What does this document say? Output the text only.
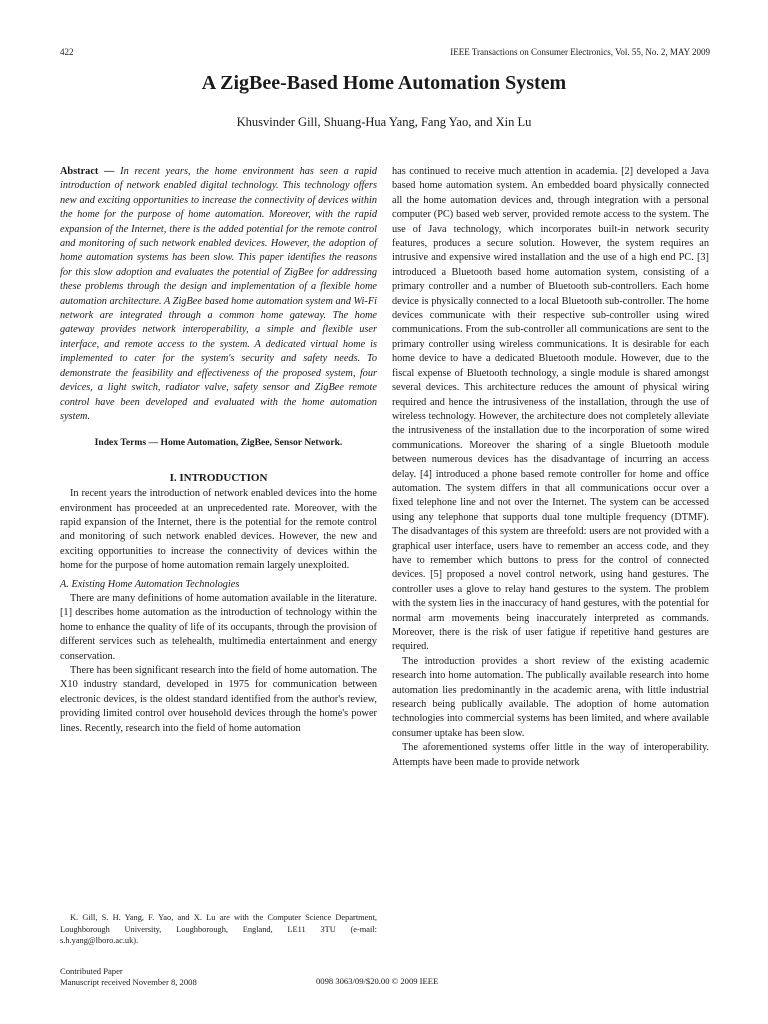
422	IEEE Transactions on Consumer Electronics, Vol. 55, No. 2, MAY 2009
A ZigBee-Based Home Automation System
Khusvinder Gill, Shuang-Hua Yang, Fang Yao, and Xin Lu

Abstract — In recent years, the home environment has seen a rapid introduction of network enabled digital technology. This technology offers new and exciting opportunities to increase the connectivity of devices within the home for the purpose of home automation. Moreover, with the rapid expansion of the Internet, there is the added potential for the remote control and monitoring of such network enabled devices. However, the adoption of home automation systems has been slow. This paper identifies the reasons for this slow adoption and evaluates the potential of ZigBee for addressing these problems through the design and implementation of a flexible home automation architecture. A ZigBee based home automation system and Wi-Fi network are integrated through a common home gateway. The home gateway provides network interoperability, a simple and flexible user interface, and remote access to the system. A dedicated virtual home is implemented to cater for the system's security and safety needs. To demonstrate the feasibility and effectiveness of the proposed system, four devices, a light switch, radiator valve, safety sensor and ZigBee remote control have been developed and evaluated with the home automation system.

Index Terms — Home Automation, ZigBee, Sensor Network.
I. INTRODUCTION

In recent years the introduction of network enabled devices into the home environment has proceeded at an unprecedented rate. Moreover, with the rapid expansion of the Internet, there is the potential for the remote control and monitoring of such network enabled devices. However, the new and exciting opportunities to increase the connectivity of devices within the home for the purpose of home automation remain largely unexploited.

A. Existing Home Automation Technologies

There are many definitions of home automation available in the literature. [1] describes home automation as the introduction of technology within the home to enhance the quality of life of its occupants, through the provision of different services such as telehealth, multimedia entertainment and energy conservation.

There has been significant research into the field of home automation. The X10 industry standard, developed in 1975 for communication between electronic devices, is the oldest standard identified from the author's review, providing limited control over household devices through the home's power lines. Recently, research into the field of home automation

has continued to receive much attention in academia. [2] developed a Java based home automation system. An embedded board physically connected all the home automation devices and, through integration with a personal computer (PC) based web server, provided remote access to the system. The use of Java technology, which incorporates built-in network security features, produces a secure solution. However, the system requires an intrusive and expensive wired installation and the use of a high end PC. [3] introduced a Bluetooth based home automation system, consisting of a primary controller and a number of Bluetooth sub-controllers. Each home device is physically connected to a local Bluetooth sub-controller. The home devices communicate with their respective sub-controller using wired communications. From the sub-controller all communications are sent to the primary controller using wireless communications. It is desirable for each home device to have a dedicated Bluetooth module. However, due to the fiscal expense of Bluetooth technology, a single module is shared amongst several devices. This architecture reduces the amount of physical wiring required and hence the intrusiveness of the installation, through the use of wireless technology. However, the architecture does not completely alleviate the intrusiveness of the installation due to the incorporation of some wired communications. Moreover the sharing of a single Bluetooth module between numerous devices has the disadvantage of incurring an access delay. [4] introduced a phone based remote controller for home and office automation. The system differs in that all communications occur over a fixed telephone line and not over the Internet. The system can be accessed using any telephone that supports dual tone multiple frequency (DTMF). The disadvantages of this system are threefold: users are not provided with a graphical user interface, users have to remember an access code, and they have to remember which buttons to press for the control of connected devices. [5] proposed a novel control network, using hand gestures. The controller uses a glove to relay hand gestures to the system. The problem with the system lies in the inaccuracy of hand gestures, with the potential for normal arm movements being inaccurately interpreted as commands. Moreover, there is the risk of user fatigue if repetitive hand gestures are required.

The introduction provides a short review of the existing academic research into home automation. The publically available research into home automation lies predominantly in the academic arena, with little industrial research being publically available. The adoption of home automation technologies into commercial systems has been limited, and where available consumer uptake has been slow.

The aforementioned systems offer little in the way of interoperability. Attempts have been made to provide network

K. Gill, S. H. Yang, F. Yao, and X. Lu are with the Computer Science Department, Loughborough University, Loughborough, England, LE11 3TU (e-mail: s.h.yang@lboro.ac.uk).
Contributed Paper
Manuscript received November 8, 2008	0098 3063/09/$20.00 © 2009 IEEE
